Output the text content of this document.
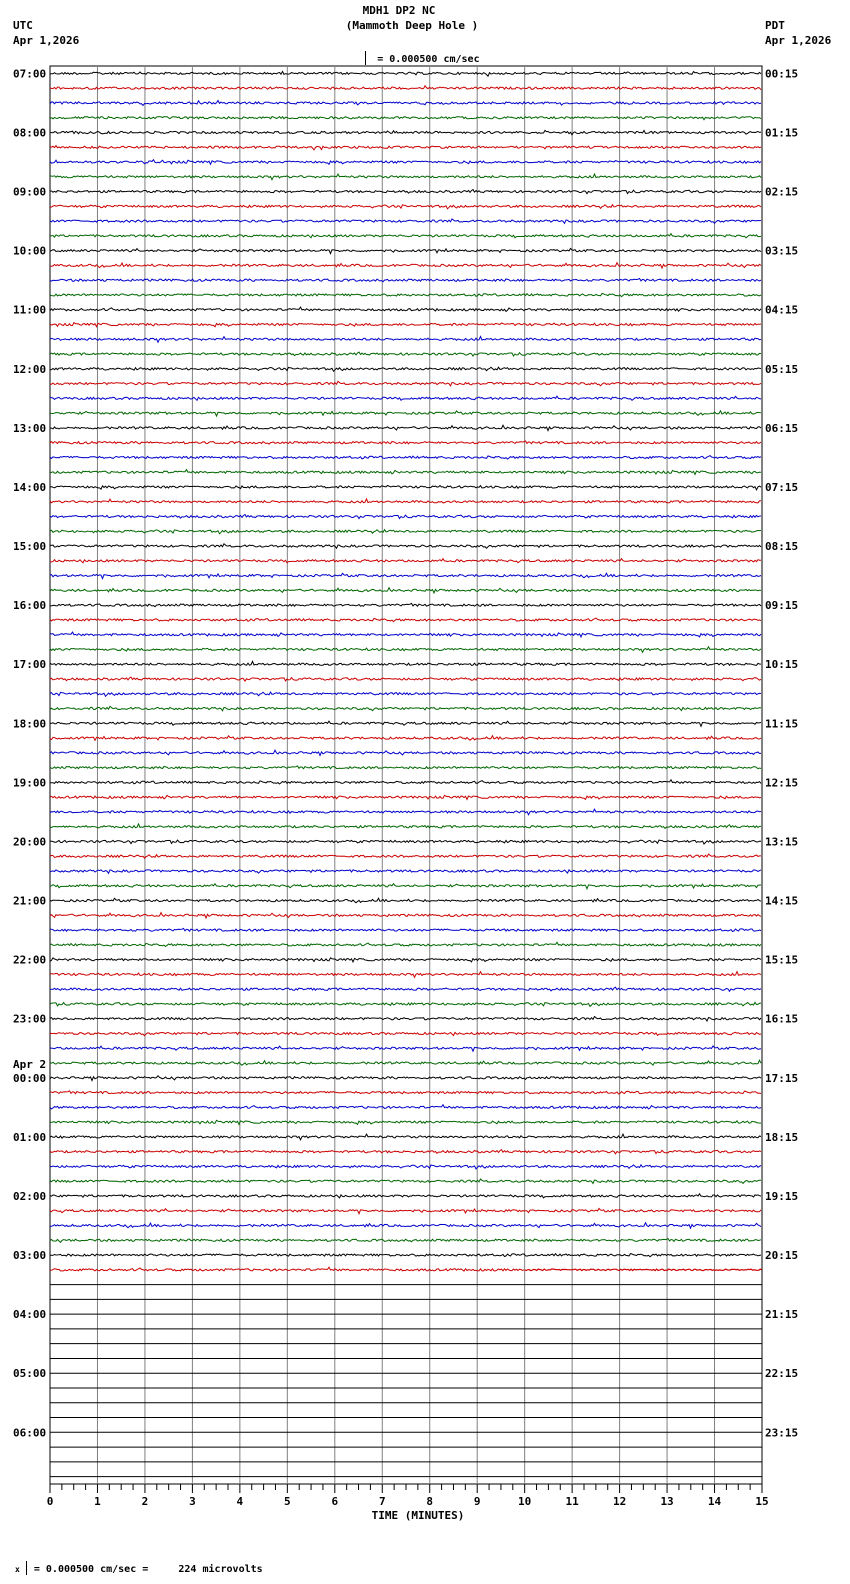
07:00
08:00
09:00
10:00
11:00
12:00
13:00
14:00
15:00
16:00
17:00
18:00
19:00
20:00
21:00
22:00
23:00
00:00
01:00
02:00
03:00
04:00
05:00
06:00
00:15
01:15
02:15
03:15
04:15
05:15
06:15
07:15
08:15
09:15
10:15
11:15
12:15
13:15
14:15
15:15
16:15
17:15
18:15
19:15
20:15
21:15
22:15
23:15
Apr 2
0	1	2	3	4	5	6	7	8	9	10	11	12	13	14	15
TIME (MINUTES)
MDH1 DP2 NC
(Mammoth Deep Hole )

= 0.000500 cm/sec

UTC
Apr 1,2026
PDT
Apr 1,2026

x = 0.000500 cm/sec =     224 microvolts
